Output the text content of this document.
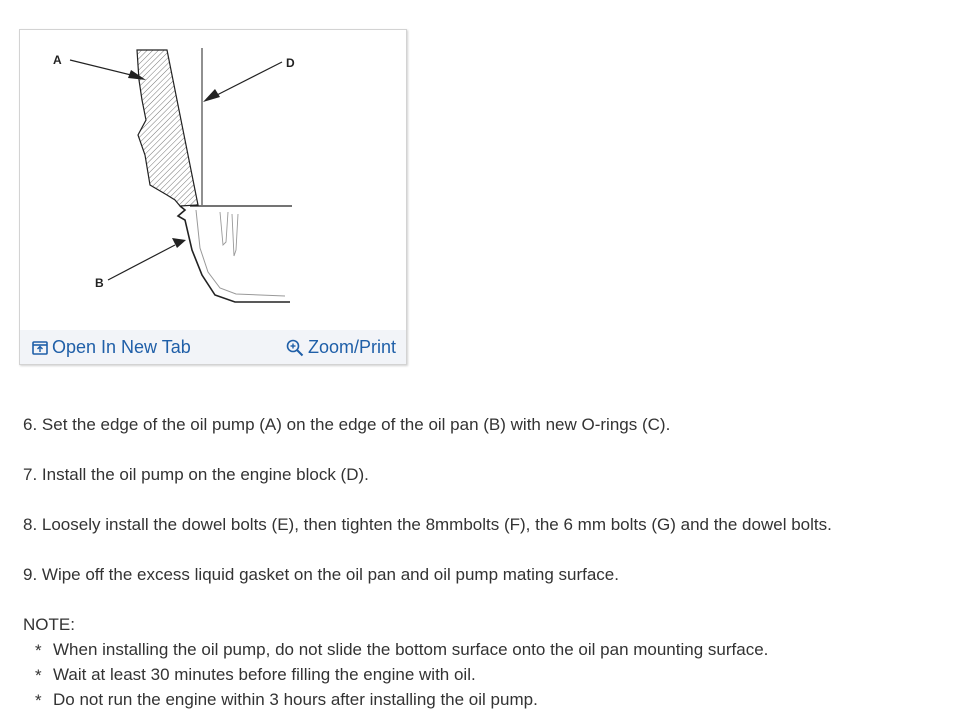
A	D
B
Open In New Tab	Zoom/Print

6. Set the edge of the oil pump (A) on the edge of the oil pan (B) with new O-rings (C).

7. Install the oil pump on the engine block (D).

8. Loosely install the dowel bolts (E), then tighten the 8mmbolts (F), the 6 mm bolts (G) and the dowel bolts.

9. Wipe off the excess liquid gasket on the oil pan and oil pump mating surface.

NOTE:

* When installing the oil pump, do not slide the bottom surface onto the oil pan mounting surface.
* Wait at least 30 minutes before filling the engine with oil.
* Do not run the engine within 3 hours after installing the oil pump.
